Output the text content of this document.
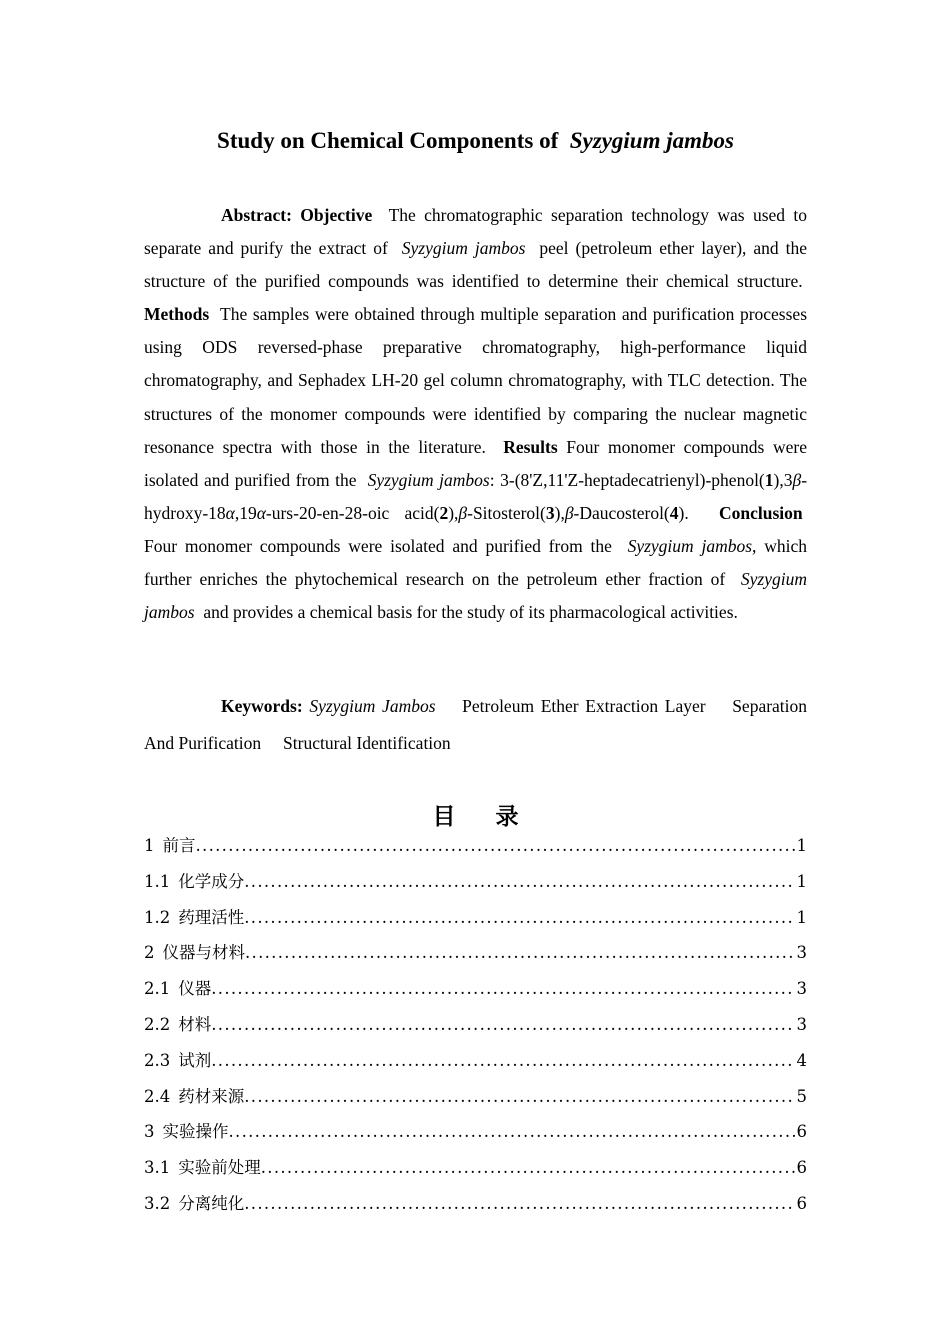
Study on Chemical Components of Syzygium jambos
Abstract: Objective The chromatographic separation technology was used to separate and purify the extract of Syzygium jambos peel (petroleum ether layer), and the structure of the purified compounds was identified to determine their chemical structure.  Methods The samples were obtained through multiple separation and purification processes using ODS reversed-phase preparative chromatography, high-performance liquid chromatography, and Sephadex LH-20 gel column chromatography, with TLC detection. The structures of the monomer compounds were identified by comparing the nuclear magnetic resonance spectra with those in the literature. Results Four monomer compounds were isolated and purified from the Syzygium jambos: 3-(8'Z,11'Z-heptadecatrienyl)-phenol(1),3β-hydroxy-18α,19α-urs-20-en-28-oic acid(2),β-Sitosterol(3),β-Daucosterol(4). Conclusion  Four monomer compounds were isolated and purified from the Syzygium jambos, which further enriches the phytochemical research on the petroleum ether fraction of Syzygium jambos and provides a chemical basis for the study of its pharmacological activities.
Keywords: Syzygium Jambos Petroleum Ether Extraction Layer Separation And Purification Structural Identification
目录
1 前言 .....	1
1.1 化学成分 .....	1
1.2 药理活性 .....	1
2 仪器与材料 .....	3
2.1 仪器 .....	3
2.2 材料 .....	3
2.3 试剂 .....	4
2.4 药材来源 .....	5
3 实验操作 .....	6
3.1 实验前处理 .....	6
3.2 分离纯化 .....	6
